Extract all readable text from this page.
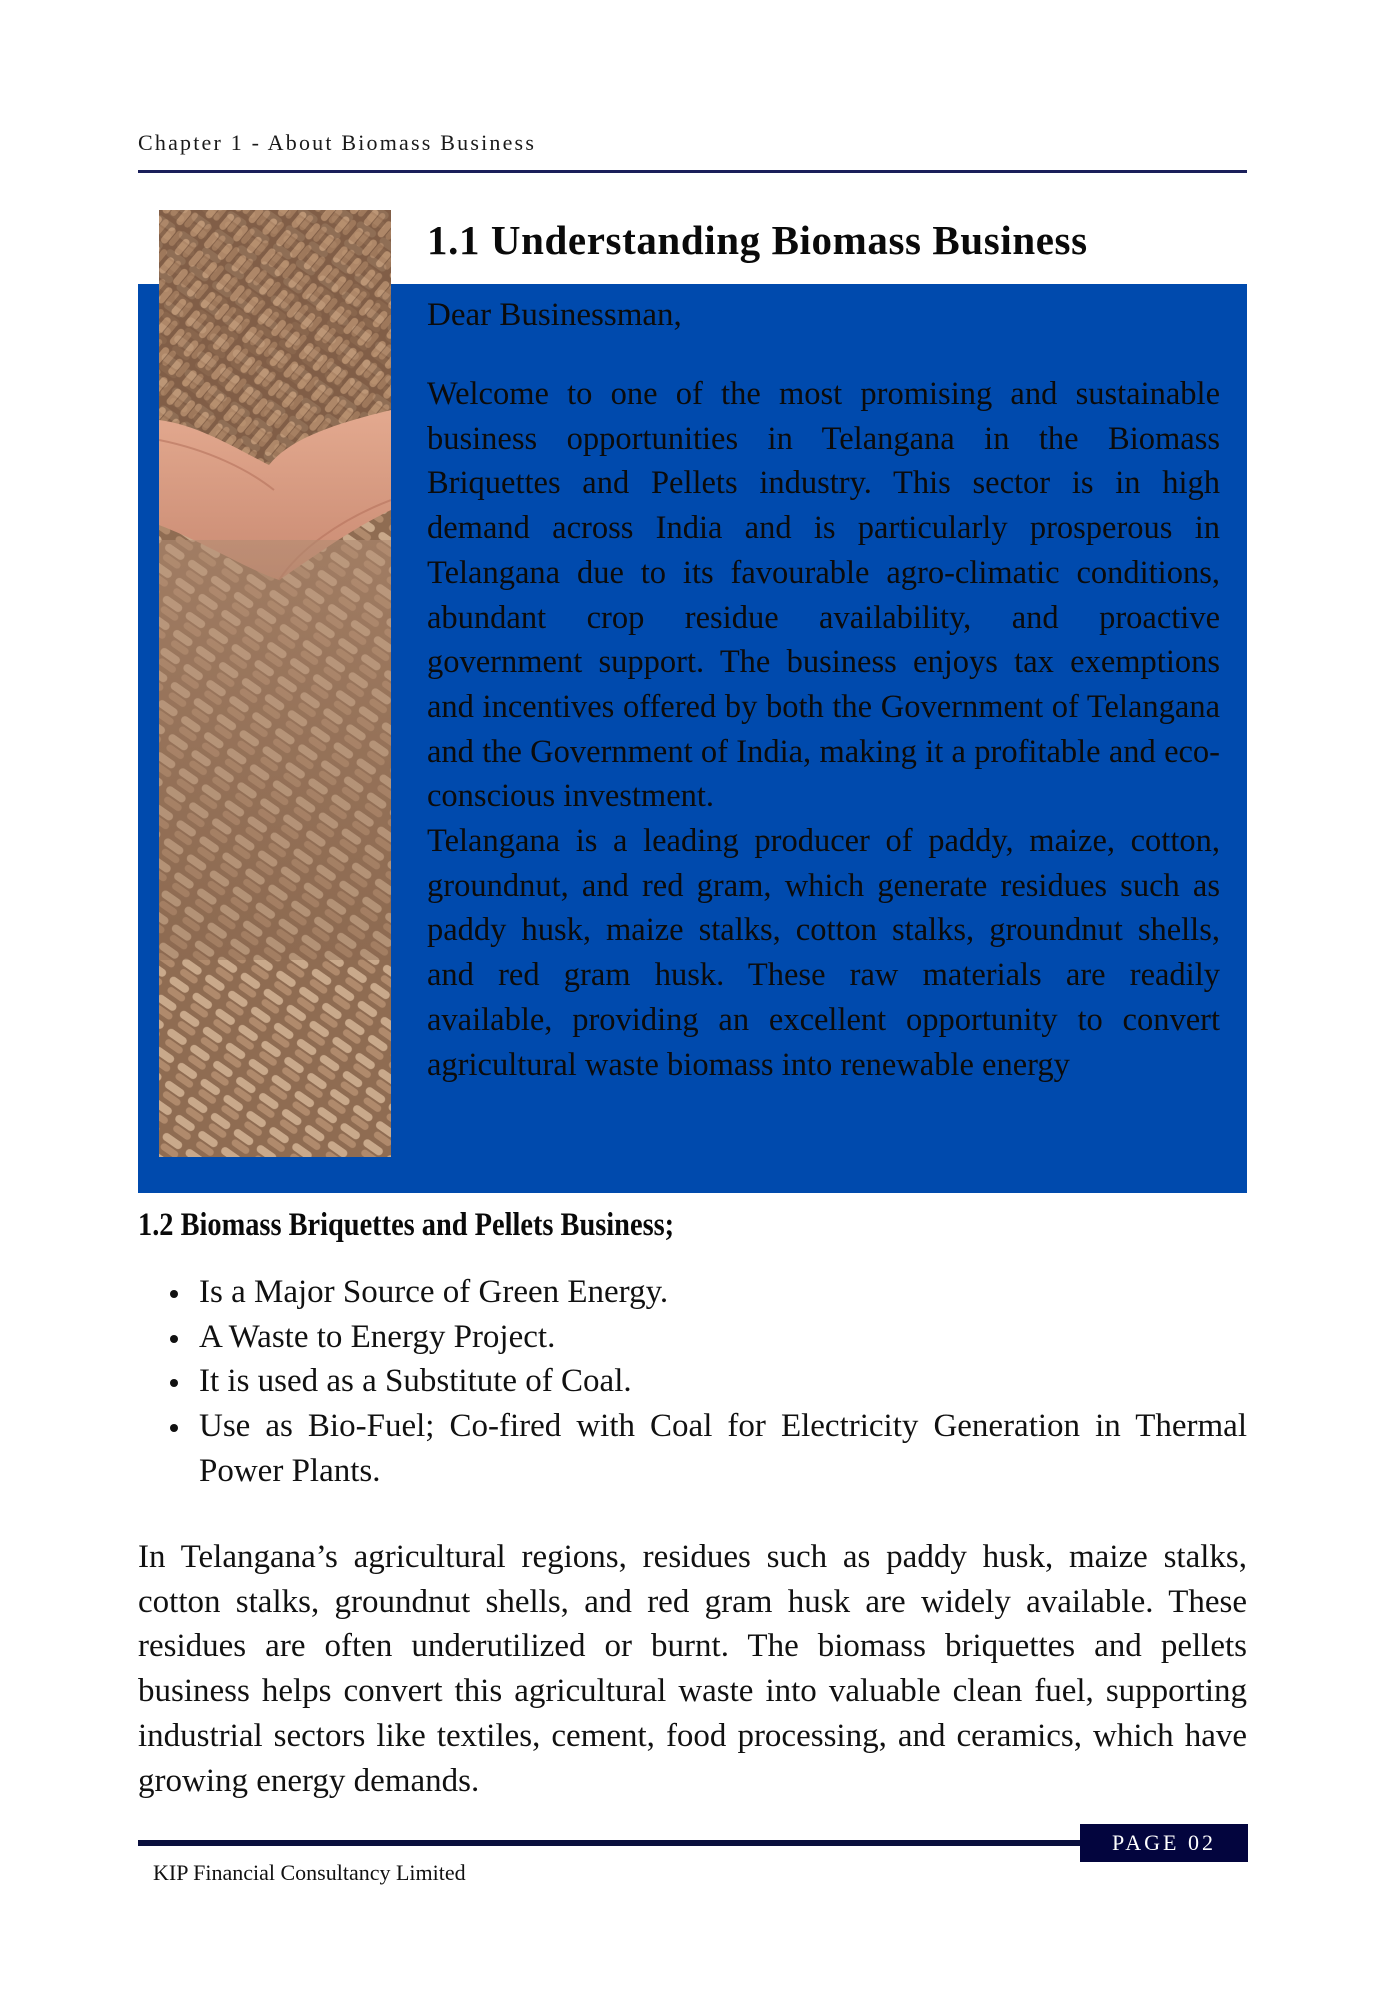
Chapter 1 - About Biomass Business
1.1 Understanding Biomass Business
Dear Businessman,

Welcome to one of the most promising and sustainable business opportunities in Telangana in the Biomass Briquettes and Pellets industry. This sector is in high demand across India and is particularly prosperous in Telangana due to its favourable agro-climatic conditions, abundant crop residue availability, and proactive government support. The business enjoys tax exemptions and incentives offered by both the Government of Telangana and the Government of India, making it a profitable and eco-conscious investment.

Telangana is a leading producer of paddy, maize, cotton, groundnut, and red gram, which generate residues such as paddy husk, maize stalks, cotton stalks, groundnut shells, and red gram husk. These raw materials are readily available, providing an excellent opportunity to convert agricultural waste biomass into renewable energy

1.2 Biomass Briquettes and Pellets Business;
Is a Major Source of Green Energy.
A Waste to Energy Project.
It is used as a Substitute of Coal.
Use as Bio-Fuel; Co-fired with Coal for Electricity Generation in Thermal Power Plants.

In Telangana’s agricultural regions, residues such as paddy husk, maize stalks, cotton stalks, groundnut shells, and red gram husk are widely available. These residues are often underutilized or burnt. The biomass briquettes and pellets business helps convert this agricultural waste into valuable clean fuel, supporting industrial sectors like textiles, cement, food processing, and ceramics, which have growing energy demands.

PAGE 02
KIP Financial Consultancy Limited
